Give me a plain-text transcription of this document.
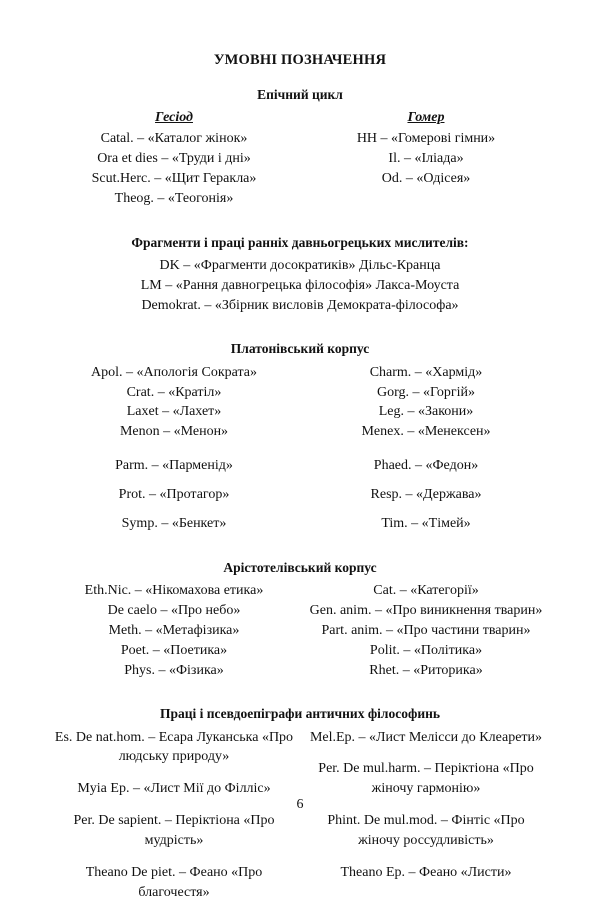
УМОВНІ ПОЗНАЧЕННЯ
Епічний цикл
Гесіод
Catal. – «Каталог жінок»
Ora et dies – «Труди і дні»
Scut.Herc. – «Щит Геракла»
Theog. – «Теогонія»
Гомер
HH – «Гомерові гімни»
Il. – «Іліада»
Od. – «Одісея»
Фрагменти і праці ранніх давньогрецьких мислителів:
DK – «Фрагменти досократиків» Дільс-Кранца
LM – «Рання давногрецька філософія» Лакса-Моуста
Demokrat. – «Збірник висловів Демократа-філософа»
Платонівський корпус
Apol. – «Апологія Сократа»
Crat. – «Кратіл»
Laxet – «Лахет»
Menon – «Менон»
Parm. – «Парменід»
Prot. – «Протагор»
Symp. – «Бенкет»
Charm. – «Хармід»
Gorg. – «Горгій»
Leg. – «Закони»
Menex. – «Менексен»
Phaed. – «Федон»
Resp. – «Держава»
Tim. – «Тімей»
Арістотелівський корпус
Eth.Nic. – «Нікомахова етика»
De caelo – «Про небо»
Meth. – «Метафізика»
Poet. – «Поетика»
Phys. – «Фізика»
Cat. – «Категорії»
Gen. anim. – «Про виникнення тварин»
Part. anim. – «Про частини тварин»
Polit. – «Політика»
Rhet. – «Риторика»
Праці і псевдоепіграфи античних філософинь
Es. De nat.hom. – Есара Луканська «Про людську природу»
Myia Ep. – «Лист Мії до Філліс»
Per. De sapient. – Періктіона «Про мудрість»
Theano De piet. – Феано «Про благочестя»
Mel.Ep. – «Лист Мелісси до Клеарети»
Per. De mul.harm. – Періктіона «Про жіночу гармонію»
Phint. De mul.mod. – Фінтіс «Про жіночу россудливість»
Theano Ep. – Феано «Листи»
6
